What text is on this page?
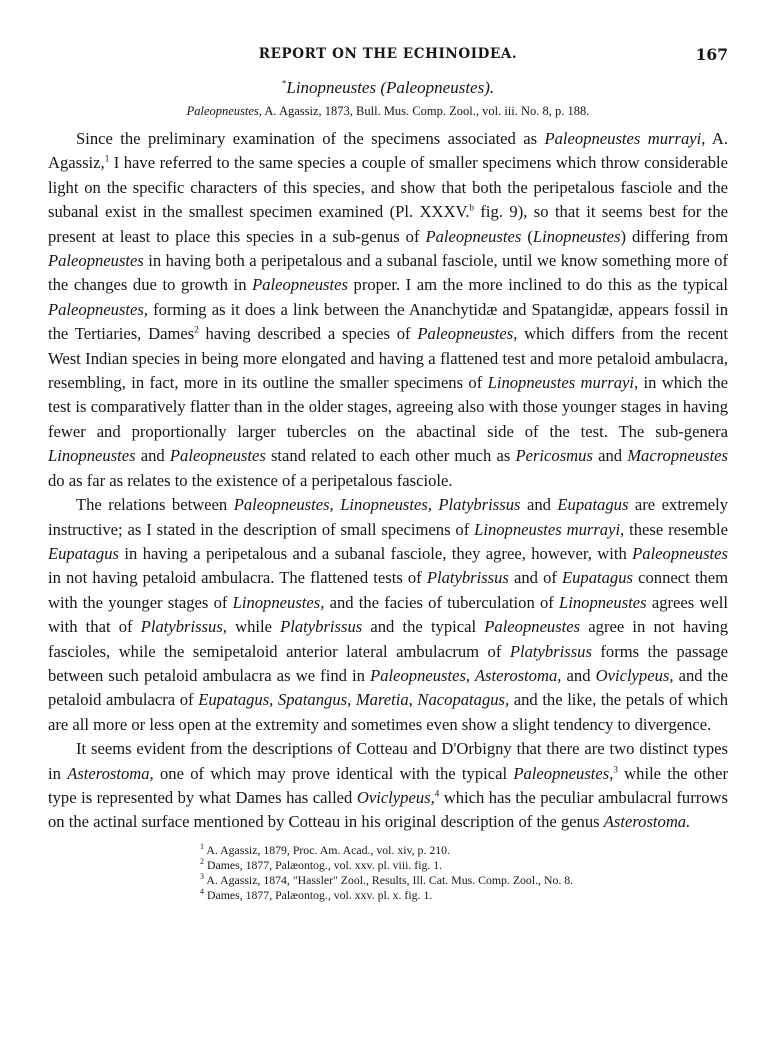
REPORT ON THE ECHINOIDEA.	167
*Linopneustes (Paleopneustes).
Paleopneustes, A. Agassiz, 1873, Bull. Mus. Comp. Zool., vol. iii. No. 8, p. 188.

Since the preliminary examination of the specimens associated as Paleopneustes murrayi, A. Agassiz,$^1$ I have referred to the same species a couple of smaller specimens which throw considerable light on the specific characters of this species, and show that both the peripetalous fasciole and the subanal exist in the smallest specimen examined (Pl. XXXV.$^b$ fig. 9), so that it seems best for the present at least to place this species in a sub-genus of Paleopneustes (Linopneustes) differing from Paleopneustes in having both a peripetalous and a subanal fasciole, until we know something more of the changes due to growth in Paleopneustes proper. I am the more inclined to do this as the typical Paleopneustes, forming as it does a link between the Ananchytidæ and Spatangidæ, appears fossil in the Tertiaries, Dames$^2$ having described a species of Paleopneustes, which differs from the recent West Indian species in being more elongated and having a flattened test and more petaloid ambulacra, resembling, in fact, more in its outline the smaller specimens of Linopneustes murrayi, in which the test is comparatively flatter than in the older stages, agreeing also with those younger stages in having fewer and proportionally larger tubercles on the abactinal side of the test. The sub-genera Linopneustes and Paleopneustes stand related to each other much as Pericosmus and Macropneustes do as far as relates to the existence of a peripetalous fasciole.

The relations between Paleopneustes, Linopneustes, Platybrissus and Eupatagus are extremely instructive; as I stated in the description of small specimens of Linopneustes murrayi, these resemble Eupatagus in having a peripetalous and a subanal fasciole, they agree, however, with Paleopneustes in not having petaloid ambulacra. The flattened tests of Platybrissus and of Eupatagus connect them with the younger stages of Linopneustes, and the facies of tuberculation of Linopneustes agrees well with that of Platybrissus, while Platybrissus and the typical Paleopneustes agree in not having fascioles, while the semipetaloid anterior lateral ambulacrum of Platybrissus forms the passage between such petaloid ambulacra as we find in Paleopneustes, Asterostoma, and Oviclypeus, and the petaloid ambulacra of Eupatagus, Spatangus, Maretia, Nacopatagus, and the like, the petals of which are all more or less open at the extremity and sometimes even show a slight tendency to divergence.

It seems evident from the descriptions of Cotteau and D'Orbigny that there are two distinct types in Asterostoma, one of which may prove identical with the typical Paleopneustes,$^3$ while the other type is represented by what Dames has called Oviclypeus,$^4$ which has the peculiar ambulacral furrows on the actinal surface mentioned by Cotteau in his original description of the genus Asterostoma.

$^1$ A. Agassiz, 1879, Proc. Am. Acad., vol. xiv, p. 210.
$^2$ Dames, 1877, Palæontog., vol. xxv. pl. viii. fig. 1.
$^3$ A. Agassiz, 1874, "Hassler" Zool., Results, Ill. Cat. Mus. Comp. Zool., No. 8.
$^4$ Dames, 1877, Palæontog., vol. xxv. pl. x. fig. 1.
